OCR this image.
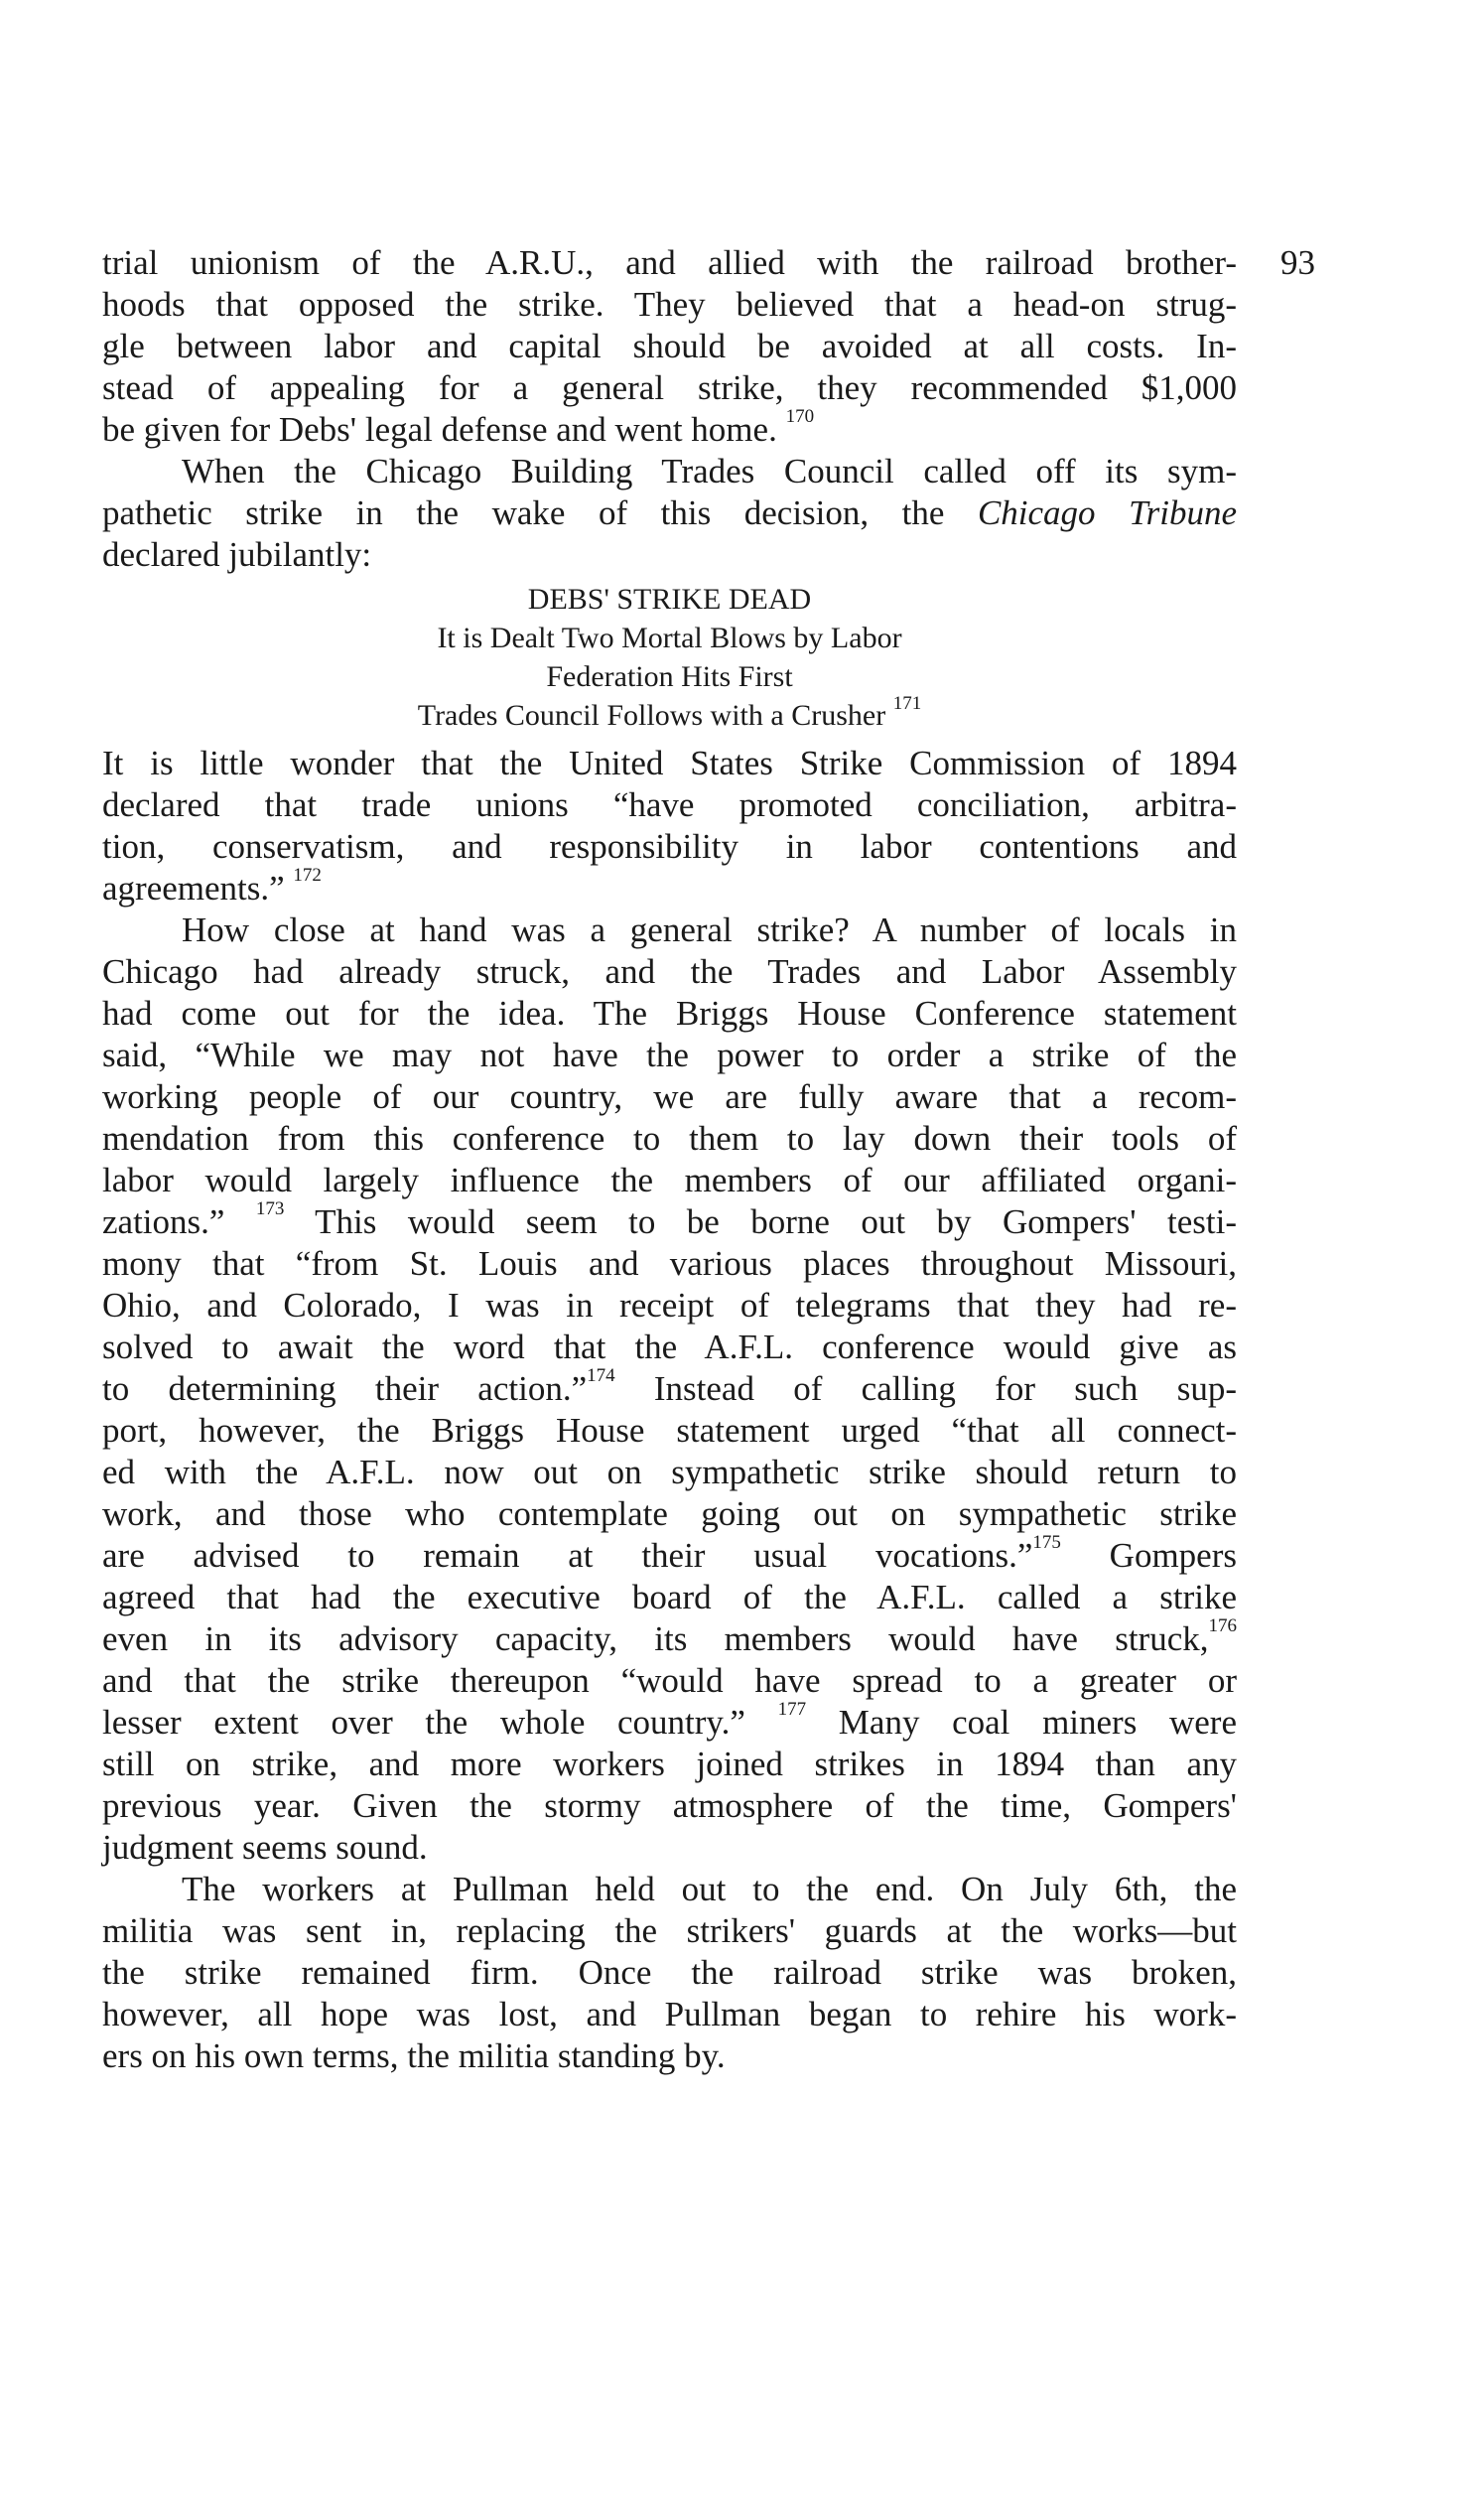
93
trial unionism of the A.R.U., and allied with the railroad brother-
hoods that opposed the strike. They believed that a head-on strug-
gle between labor and capital should be avoided at all costs. In-
stead of appealing for a general strike, they recommended $1,000
be given for Debs' legal defense and went home. $^{170}$
When the Chicago Building Trades Council called off its sym-
pathetic strike in the wake of this decision, the Chicago Tribune
declared jubilantly:
DEBS' STRIKE DEAD
It is Dealt Two Mortal Blows by Labor
Federation Hits First
Trades Council Follows with a Crusher $^{171}$
It is little wonder that the United States Strike Commission of 1894
declared that trade unions “have promoted conciliation, arbitra-
tion, conservatism, and responsibility in labor contentions and
agreements.” $^{172}$
How close at hand was a general strike? A number of locals in
Chicago had already struck, and the Trades and Labor Assembly
had come out for the idea. The Briggs House Conference statement
said, “While we may not have the power to order a strike of the
working people of our country, we are fully aware that a recom-
mendation from this conference to them to lay down their tools of
labor would largely influence the members of our affiliated organi-
zations.” $^{173}$ This would seem to be borne out by Gompers' testi-
mony that “from St. Louis and various places throughout Missouri,
Ohio, and Colorado, I was in receipt of telegrams that they had re-
solved to await the word that the A.F.L. conference would give as
to determining their action.”$^{174}$ Instead of calling for such sup-
port, however, the Briggs House statement urged “that all connect-
ed with the A.F.L. now out on sympathetic strike should return to
work, and those who contemplate going out on sympathetic strike
are advised to remain at their usual vocations.”$^{175}$ Gompers
agreed that had the executive board of the A.F.L. called a strike
even in its advisory capacity, its members would have struck,$^{176}$
and that the strike thereupon “would have spread to a greater or
lesser extent over the whole country.” $^{177}$ Many coal miners were
still on strike, and more workers joined strikes in 1894 than any
previous year. Given the stormy atmosphere of the time, Gompers'
judgment seems sound.
The workers at Pullman held out to the end. On July 6th, the
militia was sent in, replacing the strikers' guards at the works—but
the strike remained firm. Once the railroad strike was broken,
however, all hope was lost, and Pullman began to rehire his work-
ers on his own terms, the militia standing by.
